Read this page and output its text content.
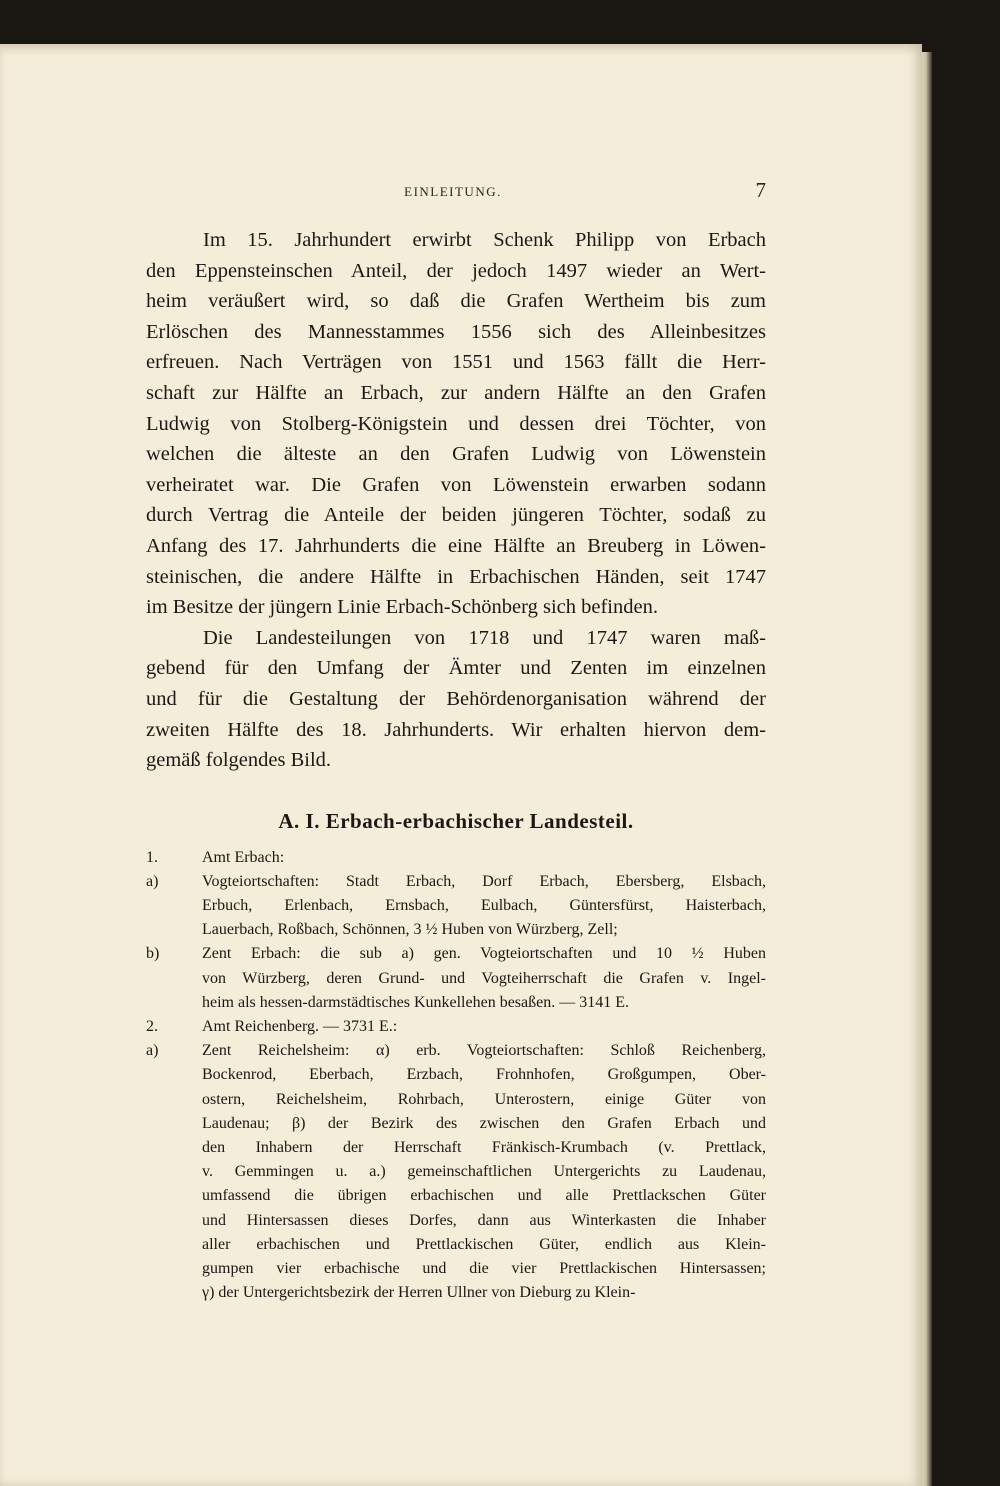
EINLEITUNG.	7
Im 15. Jahrhundert erwirbt Schenk Philipp von Erbach
den Eppensteinschen Anteil, der jedoch 1497 wieder an Wert-
heim veräußert wird, so daß die Grafen Wertheim bis zum
Erlöschen des Mannesstammes 1556 sich des Alleinbesitzes
erfreuen. Nach Verträgen von 1551 und 1563 fällt die Herr-
schaft zur Hälfte an Erbach, zur andern Hälfte an den Grafen
Ludwig von Stolberg-Königstein und dessen drei Töchter, von
welchen die älteste an den Grafen Ludwig von Löwenstein
verheiratet war. Die Grafen von Löwenstein erwarben sodann
durch Vertrag die Anteile der beiden jüngeren Töchter, sodaß zu
Anfang des 17. Jahrhunderts die eine Hälfte an Breuberg in Löwen-
steinischen, die andere Hälfte in Erbachischen Händen, seit 1747
im Besitze der jüngern Linie Erbach-Schönberg sich befinden.
Die Landesteilungen von 1718 und 1747 waren maß-
gebend für den Umfang der Ämter und Zenten im einzelnen
und für die Gestaltung der Behördenorganisation während der
zweiten Hälfte des 18. Jahrhunderts. Wir erhalten hiervon dem-
gemäß folgendes Bild.
A. I. Erbach-erbachischer Landesteil.
1.	Amt Erbach:
a)	Vogteiortschaften: Stadt Erbach, Dorf Erbach, Ebersberg, Elsbach,
Erbuch, Erlenbach, Ernsbach, Eulbach, Güntersfürst, Haisterbach,
Lauerbach, Roßbach, Schönnen, 3 ½ Huben von Würzberg, Zell;
b)	Zent Erbach: die sub a) gen. Vogteiortschaften und 10 ½ Huben
von Würzberg, deren Grund- und Vogteiherrschaft die Grafen v. Ingel-
heim als hessen-darmstädtisches Kunkellehen besaßen. — 3141 E.
2.	Amt Reichenberg. — 3731 E.:
a)	Zent Reichelsheim: α) erb. Vogteiortschaften: Schloß Reichenberg,
Bockenrod, Eberbach, Erzbach, Frohnhofen, Großgumpen, Ober-
ostern, Reichelsheim, Rohrbach, Unterostern, einige Güter von
Laudenau; β) der Bezirk des zwischen den Grafen Erbach und
den Inhabern der Herrschaft Fränkisch-Krumbach (v. Prettlack,
v. Gemmingen u. a.) gemeinschaftlichen Untergerichts zu Laudenau,
umfassend die übrigen erbachischen und alle Prettlackschen Güter
und Hintersassen dieses Dorfes, dann aus Winterkasten die Inhaber
aller erbachischen und Prettlackischen Güter, endlich aus Klein-
gumpen vier erbachische und die vier Prettlackischen Hintersassen;
γ) der Untergerichtsbezirk der Herren Ullner von Dieburg zu Klein-
